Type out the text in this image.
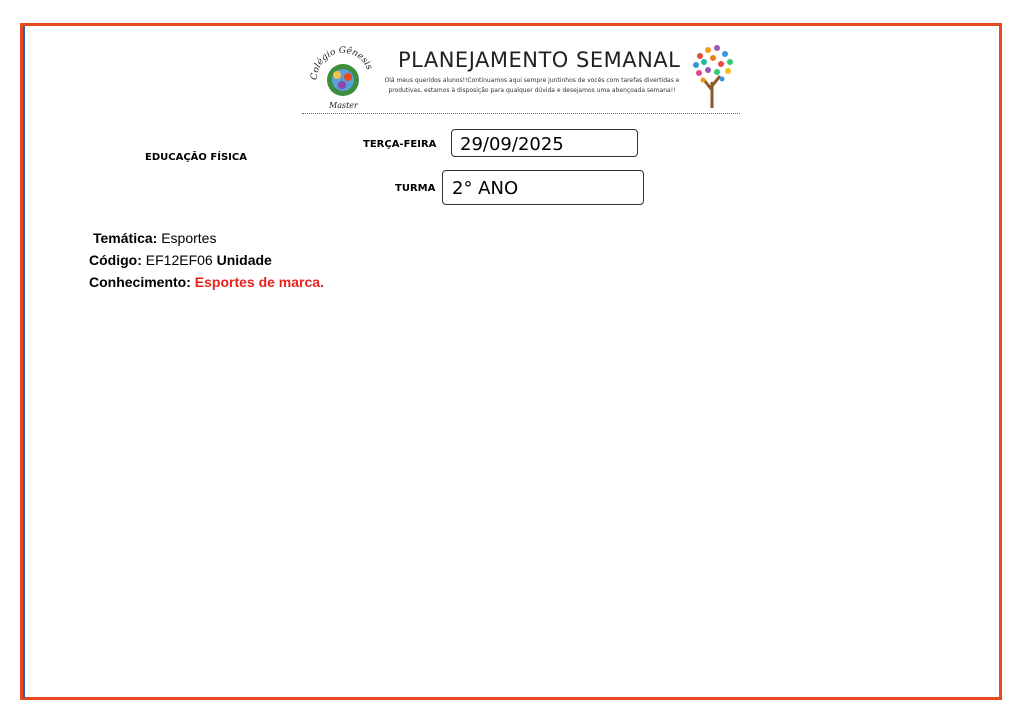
Colégio Gênesis
Master
PLANEJAMENTO SEMANAL
Olá meus queridos alunos!!Continuamos aqui sempre juntinhos de vocês com tarefas divertidas e produtivas, estamos à disposição para qualquer dúvida e desejamos uma abençoada semana!!
EDUCAÇÃO FÍSICA
TERÇA-FEIRA	29/09/2025
TURMA 2° ANO
Temática: Esportes
Código: EF12EF06 Unidade
Conhecimento: Esportes de marca.
